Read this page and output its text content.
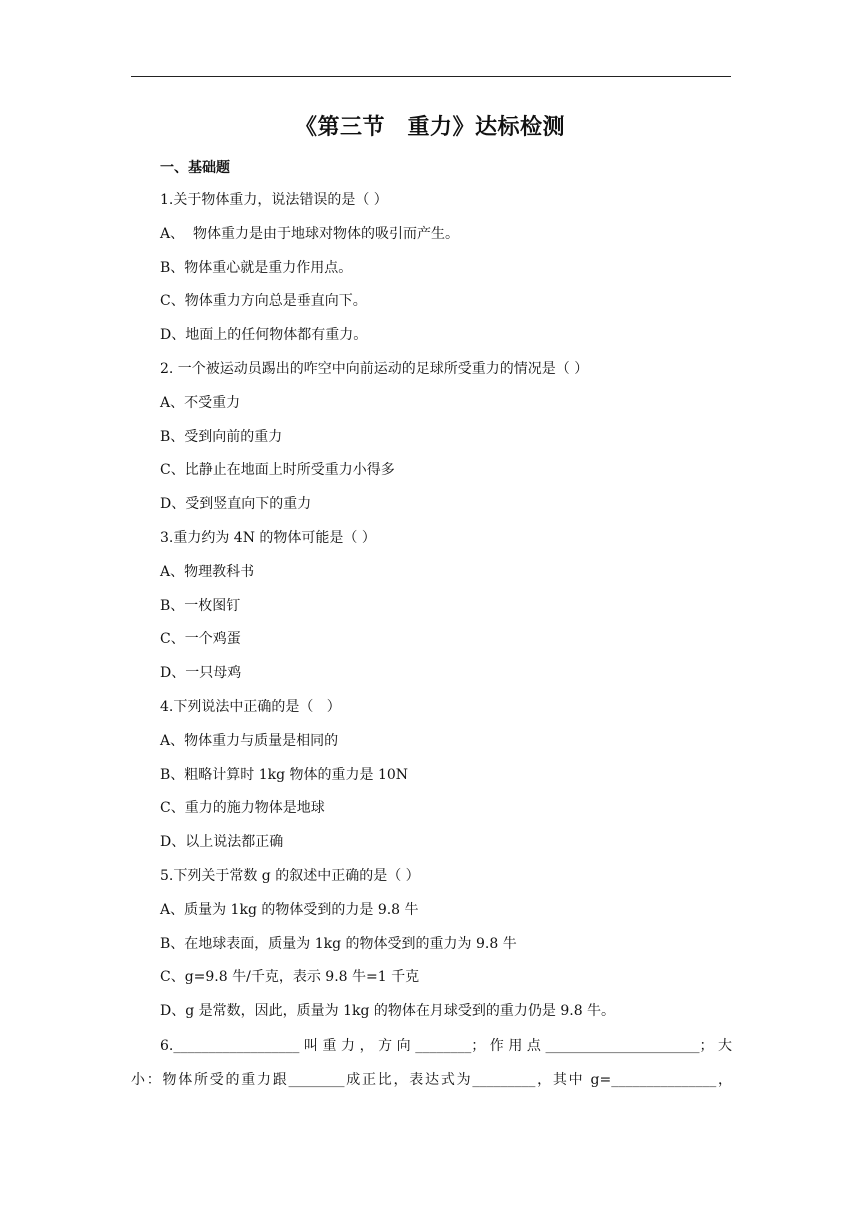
《第三节　重力》达标检测
一、基础题
1.关于物体重力，说法错误的是（ ）
A、  物体重力是由于地球对物体的吸引而产生。
B、物体重心就是重力作用点。
C、物体重力方向总是垂直向下。
D、地面上的任何物体都有重力。
2. 一个被运动员踢出的咋空中向前运动的足球所受重力的情况是（ ）
A、不受重力
B、受到向前的重力
C、比静止在地面上时所受重力小得多
D、受到竖直向下的重力
3.重力约为 4N 的物体可能是（ ）
A、物理教科书
B、一枚图钉
C、一个鸡蛋
D、一只母鸡
4.下列说法中正确的是（   ）
A、物体重力与质量是相同的
B、粗略计算时 1kg 物体的重力是 10N
C、重力的施力物体是地球
D、以上说法都正确
5.下列关于常数 g 的叙述中正确的是（ ）
A、质量为 1kg 的物体受到的力是 9.8 牛
B、在地球表面，质量为 1kg 的物体受到的重力为 9.8 牛
C、g=9.8 牛/千克，表示 9.8 牛=1 千克
D、g 是常数，因此，质量为 1kg 的物体在月球受到的重力仍是 9.8 牛。
6.__________________叫重力，方向________；作用点______________________；大
小：物体所受的重力跟________成正比，表达式为_________，其中 g=_______________，
